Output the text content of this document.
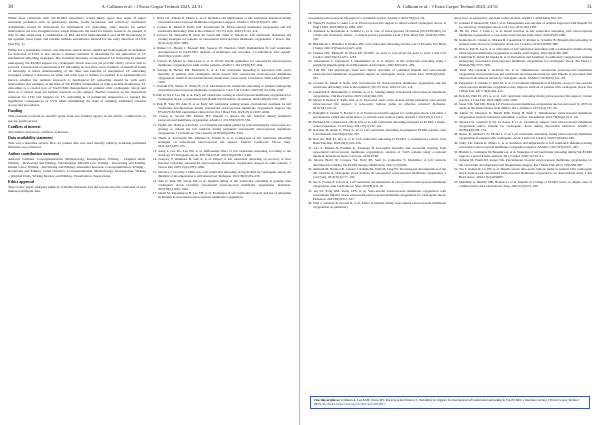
30	A. Calhoun et al. / J Extra Corpor Technol 2023, 24-31

While most clinicians with VA-ECMO experience would likely agree that signs of upper extremity perfusion such as pulmonary edema, frothy secretions, and refractory ventricular arrhythmias would be indications for mechanical LV unloading, other criteria for earlier intervention are less straightforward which illustrates the need for further research. At present, it may be that employing a combination of PAC-derived hemodynamics and ALPP monitoring in the optimal, most rapid, and reliable bedside surveillance method for the early detection of LVD (See Fig. 1).

While not a systematic review, our literature search shows significant heterogeneity in definition for detection of LVD. It also shows a marked variation in thresholds for the utilization of LV mechanical unloading strategies. The available literature on mechanical LV unloading in patients undergoing VA-ECMO support for cardiogenic shock does not yet provide clarity on how best to proceed. Current data on mechanical LV unloading do not show clear evidence of benefit in terms of mortality. A better understanding of the risks and benefits of mechanical LV unloading strategies without a reference on when and what type to initiate is required. It is additionally not known whether the optimal approach to mechanical LV unloading should be with early intervention (for example, at the time of VA-ECMO cannulation) or with watchful monitoring. LV unloading is a crucial part of VA-ECMO management in patients with cardiogenic shock and there is a critical need for further research on the subject. Further research on the theoretical rationale for LVD and triggers for LV unloading is of paramount importance to expand the significant consequences of LVD while minimizing the risks of utilizing additional vascular access and procedures.

Funding

This research received no specific grant from any funding agency in the public, commercial, or not-for-profit sectors.

Conflicts of interest

The authors declare no conflicts of interest.

Data availability statement

This was a literature review. Box, no patient data was used directly publicly available published literature was collected.

Author contribution statement

Anthony Calhoun: Conceptualization, Methodology, Investigation, Writing – Original Draft, Writing – Reviewing and Editing, Visualization. Min-Ha Lee: Writing – Reviewing and Editing. Daniel Choo: Writing – Reviewing and Editing. Alexandra Karavas: Conceptualization, Writing – Reviewing and Editing. Jamel Ortoleva: Conceptualization, Methodology, Investigation, Writing – Original Draft, Writing Review and Editing, Visualization, Supervision.

Ethics approval

This review paper analyzed publicly available literature and did not involve the collection of new human participant data.

1. Truby LK, Takeda K, Mauro C, et al. Incidence and implications of left ventricular distention during venoarterial extracorporeal membrane oxygenation support. ASAIO J. 2017;63(3):257–265.

2. Lorusso R, Meani P, Raffa GM, Kowalewski M. Extracorporeal membrane oxygenation and left ventricular unloading: what is the evidence? JTCVS Tech. 2022;13:101–114.

3. Cevasco M, Takayama H, Ando M, Garan AR, Naka Y, Takeda K. Left ventricular distension and venting strategies for patients on venoarterial extracorporeal membrane oxygenation. J Thorac Dis. 2019;11(4):1676–1683.

4. Welker CC, Huang J, Boswell MR, Spencer PJ, Theodoro MAV, Ramakrishna H. Left ventricular decompression in VA-ECMO: analysis of techniques and outcomes. J Cardiothorac Vasc Anesth. 2022;36(11):4192–4197.

5. Lorusso R, Shekar K, MacLaren G, et al. ELSO interim guidelines for venoarterial extracorporeal membrane oxygenation in adult cardiac patients. ASAIO J. 2021;67(8):827–844.

6. Schrage B, Becher PM, Bernhardt A, et al. Left ventricular unloading is associated with lower mortality in patients with cardiogenic shock treated with venoarterial extracorporeal membrane oxygenation: results from an international, multicenter cohort study. Circulation. 2020;142(22):2095–2106.

7. Grandin EW, Nunez JI, Willar B, et al. Mechanical left ventricular unloading in patients undergoing venoarterial extracorporeal membrane oxygenation. J Am Coll Cardiol. 2022;79(13):1239–1250.

8. Kim D, Na Y, Lee SH, et al. Early left ventricular venting in extracorporeal membrane oxygenation for cardiogenic shock: a randomized trial (EARLY-UNLOAD). Circulation. 2023;148(20):1570–1581.

9. Park H, Yang JH, Ahn JJ, et al. Early left ventricular venting versus conventional treatment for left ventricular decompression during venoarterial extracorporeal membrane oxygenation support: the EVOLVE-ECMO randomized clinical trial. Eur J Heart Fail. 2023;25(11):2037–2046.

10. Cheng A, Swartz MF, Massey HT. Impella to unload the left ventricle during peripheral extracorporeal membrane oxygenation. ASAIO J. 2013;59(5):533–536.

11. Fiedler AG, Dalia A, Axtell AL, et al. Impella placement guided by echocardiography can be used as a strategy to unload the left ventricle during peripheral venoarterial extracorporeal membrane oxygenation. J Cardiothorac Vasc Anesth. 2018;32(6):2585–2591.

12. Hasde A, Sarıcaoğlu MC, Dikmen N, Yamak N, et al. Comparison of left ventricular unloading strategies on venoarterial extracorporeal life support. Interact Cardiovasc Thorac Surg. 2021;32(3):467–475.

13. Kang J, Lee KS, Lee HS, et al. Differential effect of left ventricular unloading according to the aetiology of cardiogenic shock. ESC Heart Fail. 2023;10(4):2391–2400.

14. Gregory V, Okumura H, Sath A, et al. Impact of left ventricular unloading on recovery of liver function following venoarterial extracorporeal membrane oxygenation support in adult patients. J Thorac Dis. 2023;15(4):1875–1884.

15. Ortoleva J, Crowley J, Dalia AA. Left ventricular unloading in VA-ECMO for cardiogenic shock: the dilemma of decompression is still unresolved. Perfusion. 2021;36(3):234–235.

16. Ahn E, Kim SH, Seong JM, et al. Optimal timing of left ventricular unloading in patients with cardiogenic shock receiving venoarterial extracorporeal membrane oxygenation. Perfusion. 2023;38(5):1035–1042.

17. Ghani M, Rajasekaran H, Lee YH, et al. Evaluation of left ventricular reversal and use of unloading techniques in venoarterial extracorporeal membrane oxygenation.

A. Calhoun et al. / J Extra Corpor Technol 2023, 24-31	31

venoarterial extracorporeal life support: a systematic review. ASAIO J. 2024;70(4):e1–e9.

18. Thiele H, Zeymer U, Akin I, et al. Extracorporeal life support in infarct-related cardiogenic shock. N Engl J Med. 2023;389(14):1286–1297.

19. Assmann A, Beckmann A, Schmid C, et al. Use of extracorporeal circulation (ECLS/ECMO) for cardiac and circulatory failure – a clinical practice Guideline Level 3. ESC Heart Fail. 2022;9(1):506–518.

20. Bělohlávek J, Hunziker P, Donker DW. Left ventricular unloading and the role of ECpella. Eur Heart J Suppl. 2021;23(Suppl A):A27–A34.

21. Donker DW, Burkhoff D, Mack MJ. ECMO: we need to vent about the need to vent! J Am Coll Cardiol. 2022;79(13):1251–1253.

22. Gaisendrees C, Djordjevic I, Sabashnikov A, et al. Impact of left ventricular unloading using a peripheral Impella pump in eCPR patients. Artif Organs. 2022;46(3):451–459.

23. Lim HS. The physiologic basis and clinical outcomes of combined Impella and veno-arterial extracorporeal membrane oxygenation support in cardiogenic shock. Cardiol Ther. 2020;9(2):245–255.

24. Lorusso R, Meani P, Raffa GM, Kowalewski M. Extracorporeal membrane oxygenation and left ventricular unloading: what is the evidence? JTCVS Tech. 2022;13:101–114.

25. Lüsebrink E, Binzenhöfer L, Kellnar A, et al. Venting during venoarterial extracorporeal membrane oxygenation. Clin Res Cardiol. 2023;112(4):464–505.

26. Meani P, Delnoij T, Raffa GM, et al. Protracted aortic valve closure during peripheral veno-arterial extracorporeal life support: is intra-aortic balloon pump an effective solution? Perfusion. 2019;34(1):35–41.

27. Nakajima T, Tanaka Y, Fischer I, et al. Extracorporeal life support for cardiogenic shock with either a percutaneous ventricular assist device or an intra-aortic balloon pump. ASAIO J. 2021;67(11):1211.

28. Pischke LM, Crespleard A, Mady GN, et al. Left ventricular unloading strategies in ECMO: a single-center experience. J Card Surg. 2021;37(1):132–141.

29. Rasanen M, Rajan S, Wang K, et al. Left ventricular unloading in peripheral ECMO patients. Ann Card Anaesth. 2023;26(2):162–167.

30. Rali AS, Hall EJ, Dry A, et al. Left ventricular unloading in ECMO: a contemporary review. Curr Heart Fail Rep. 2023;20(3):218–226.

31. Aso S, Matsui H, Fushimi K, Yasunaga H. In-hospital mortality and successful weaning from venoarterial extracorporeal membrane oxygenation: analysis of 5,263 patients using a national inpatient database in Japan. Crit Care. 2016;20:80.

32. Ricarte Bratti JP, Cavayas YA, Noly PE, Serri K, Lamarche Y. Modalities of left ventricle decompression during VA-ECMO therapy. Membranes. 2021;11(3):209.

33. Alkhouli M, Narins CR, Lehoux J, Knight PA, Waits B, Ling FS. Percutaneous decompression of the left ventricle in cardiogenic shock patients on venoarterial extracorporeal membrane oxygenation. J Card Surg. 2016;31(3):177–182.

34. Xie A, Forrest P, Loforte A. Left ventricular decompression in veno-arterial extracorporeal membrane oxygenation. Ann Cardiothorac Surg. 2019;8(1):9–18.

35. Au SY, Fong KM, Tsang CFS, et al. Veno-arterial extracorporeal membrane oxygenation with concomitant Impella versus venoarterial extracorporeal membrane oxygenation for cardiogenic shock. Perfusion. 2023;38(3):517–527.

36. Eliet J, Gaudard P, Zeroual N, et al. Effect of Impella during veno-arterial extracorporeal membrane oxygenation on pulmonary

artery flow as assessed by end-tidal carbon dioxide. ASAIO J. 2018;64(4):502–507.

37. Gaudard P, Mourad M, Eliet J, et al. Management and outcome of patients supported with Impella 5.0 for refractory cardiogenic shock. Crit Care. 2015;19(1):363.

38. He JN, Zhou J, Chen L, et al. Renal function in left ventricular unloading with extracorporeal membrane oxygenation: a case-series observational study. Herz. 2020;45(2):1489.

39. Karatolios K, Chatzis G, Markus B, Luesebrink U, Richter A, Schieffer B. Biventricular unloading in patients with refractory cardiogenic shock. Int J Cardiol. 2016;222:883–888.

40. Kim A, Pak H, Lee S, et al. Outcomes of left ventricular unloading with a transseptal cannula during extracorporeal membrane oxygenation in adults. Artif Organs. 2021;45(4):390–398.

41. Lüsebrink E, Orban M, Kupka D, et al. Prevention and treatment of pulmonary congestion in patients undergoing venoarterial extracorporeal membrane oxygenation for cardiogenic shock. Eur Heart J. 2020;41(38):3753–3761.

42. Patel SM, Lipinski J, Al-Kindi SG, et al. Simultaneous venoarterial extracorporeal membrane oxygenation and percutaneous left ventricular decompression therapy with Impella is associated with improved outcomes in refractory cardiogenic shock. ASAIO J. 2019;65(1):21–28.

43. Pappalardo F, Schulte C, Pieri M, et al. Concomitant implantation of Impella on top of veno-arterial extracorporeal membrane oxygenation may improve survival of patients with cardiogenic shock. Eur J Heart Fail. 2017;19(3):404–412.

44. Rali AS, Hall EJ, Dry A, et al. Left ventricular unloading during extracorporeal life support: current practice. J Card Fail. 2022;28(8):1326–1336.

45. Sauer CM, Yuh DD, Bonde LP. Extracorporeal membrane oxygenation use has increased by 433% in adults in the United States from 2006 to 2011. ASAIO J. 2015;61(1):31–36.

46. Akhtar W, Olusanya O, Baladi MM, Young H, Shah S. Simultaneous extracorporeal membrane oxygenation and left ventricular unloading: a review. Anaesthesia. 2021;76(Suppl 4):11–20.

47. Mourad M, Gaudard P, De La Arena P, et al. Circulatory support with extracorporeal membrane oxygenation and/or Impella for cardiogenic shock during myocardial infarction. ASAIO J. 2018;64(6):708–714.

48. Russo JJ, Aleksova N, Pitcher I, et al. Left ventricular unloading during extracorporeal membrane oxygenation in patients with cardiogenic shock. J Am Coll Cardiol. 2019;73(6):654–662.

49. Truby LK, Takeda K, Mauro C, et al. Incidence and implications of left ventricular distention during venoarterial extracorporeal membrane oxygenation support. ASAIO J. 2017;63(3):257–265.

50. Baldetti L, Gramegna M, Beneduce A, et al. Strategies of left ventricular unloading during VA-ECMO support: a network meta-analysis. Int J Cardiol. 2020;312:16–21.

51. Jumean M, Pham DT, Kapur NK. Percutaneous bi-atrial extracorporeal membrane oxygenation for left ventricular decompression and biventricular support. Eur J Heart Fail. 2015;17(9):984–987.

52. Yeo I, Axman R, Lu DY, et al. Impella versus intra-aortic balloon pump in patients with cardiogenic shock treated with venoarterial extracorporeal membrane oxygenation: an observational study. J Am Heart Assoc. 2024;13(2):e032607.

53. Mehdiani A, Immohr MB, Boeken U, et al. Impella as a bridge to ECMO: lower vs. higher rates of complications? Ann Cardiothorac Surg. 2022;11(5):521–530.

Cite this article as: Calhoun A, Lee M-H, Chow DV, Karavas A & Ortoleva J. Variability in triggers for mechanical left ventricular unloading in VA-ECMO: a literature review. J Extra Corpor Technol 2023, 55, 24-31. https://doi.org/10.1051/ject/2023001
